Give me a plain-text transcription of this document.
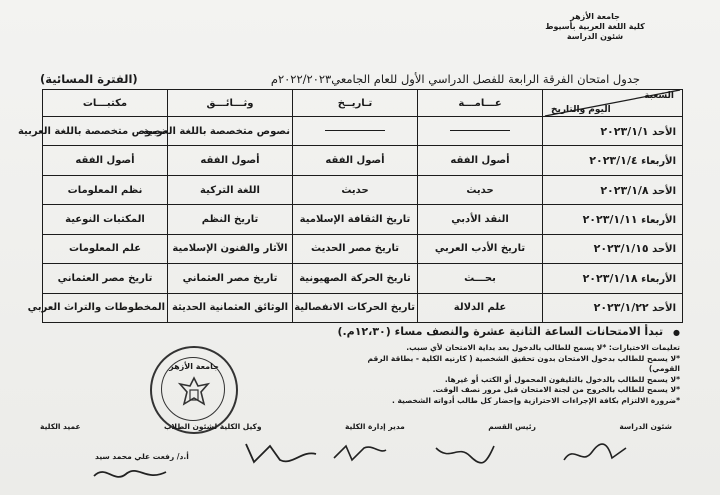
جامعة الأزهر
كلية اللغة العربية بأسيوط
شئون الدراسة
جدول امتحان الفرقة الرابعة للفصل الدراسي الأول للعام الجامعي٢٠٢٢/٢٠٢٣م
(الفترة المسائية)
الشعبة
اليوم والتاريخ	عـــامـــة	تـاريــخ	وثـــائـــق	مكتبـــات
الأحد ٢٠٢٣/١/١			نصوص متخصصة باللغة العربية	نصوص متخصصة باللغة العربية
الأربعاء ٢٠٢٣/١/٤	أصول الفقه	أصول الفقه	أصول الفقه	أصول الفقه
الأحد ٢٠٢٣/١/٨	حديث	حديث	اللغة التركية	نظم المعلومات
الأربعاء ٢٠٢٣/١/١١	النقد الأدبي	تاريخ الثقافة الإسلامية	تاريخ النظم	المكتبات النوعية
الأحد ٢٠٢٣/١/١٥	تاريخ الأدب العربي	تاريخ مصر الحديث	الآثار والفنون الإسلامية	علم المعلومات
الأربعاء ٢٠٢٣/١/١٨	بحـــث	تاريخ الحركة الصهيونية	تاريخ مصر العثماني	تاريخ مصر العثماني
الأحد ٢٠٢٣/١/٢٢	علم الدلالة	تاريخ الحركات الانفصالية	الوثائق العثمانية الحديثة	المخطوطات والتراث العربي
● تبدأ الامتحانات الساعة الثانية عشرة والنصف مساء (١٢،٣٠م.)
تعليمات الاختبارات: *لا يسمح للطالب بالدخول بعد بداية الامتحان لأي سبب.
*لا يسمح للطالب بدخول الامتحان بدون تحقيق الشخصية ( كارنيه الكلية - بطاقة الرقم القومي)
*لا يسمح للطالب بالدخول بالتليفون المحمول أو الكتب أو غيرها.
*لا يسمح للطالب بالخروج من لجنة الامتحان قبل مرور نصف الوقت.
*ضرورة الالتزام بكافة الإجراءات الاحترازية وإحضار كل طالب أدواته الشخصية .
جامعة الأزهر
شئون الدراسة
رئيس القسم
مدير إدارة الكلية
وكيل الكلية لشئون الطلاب
عميد الكلية
أ.د/ رفعت علي محمد سيد
